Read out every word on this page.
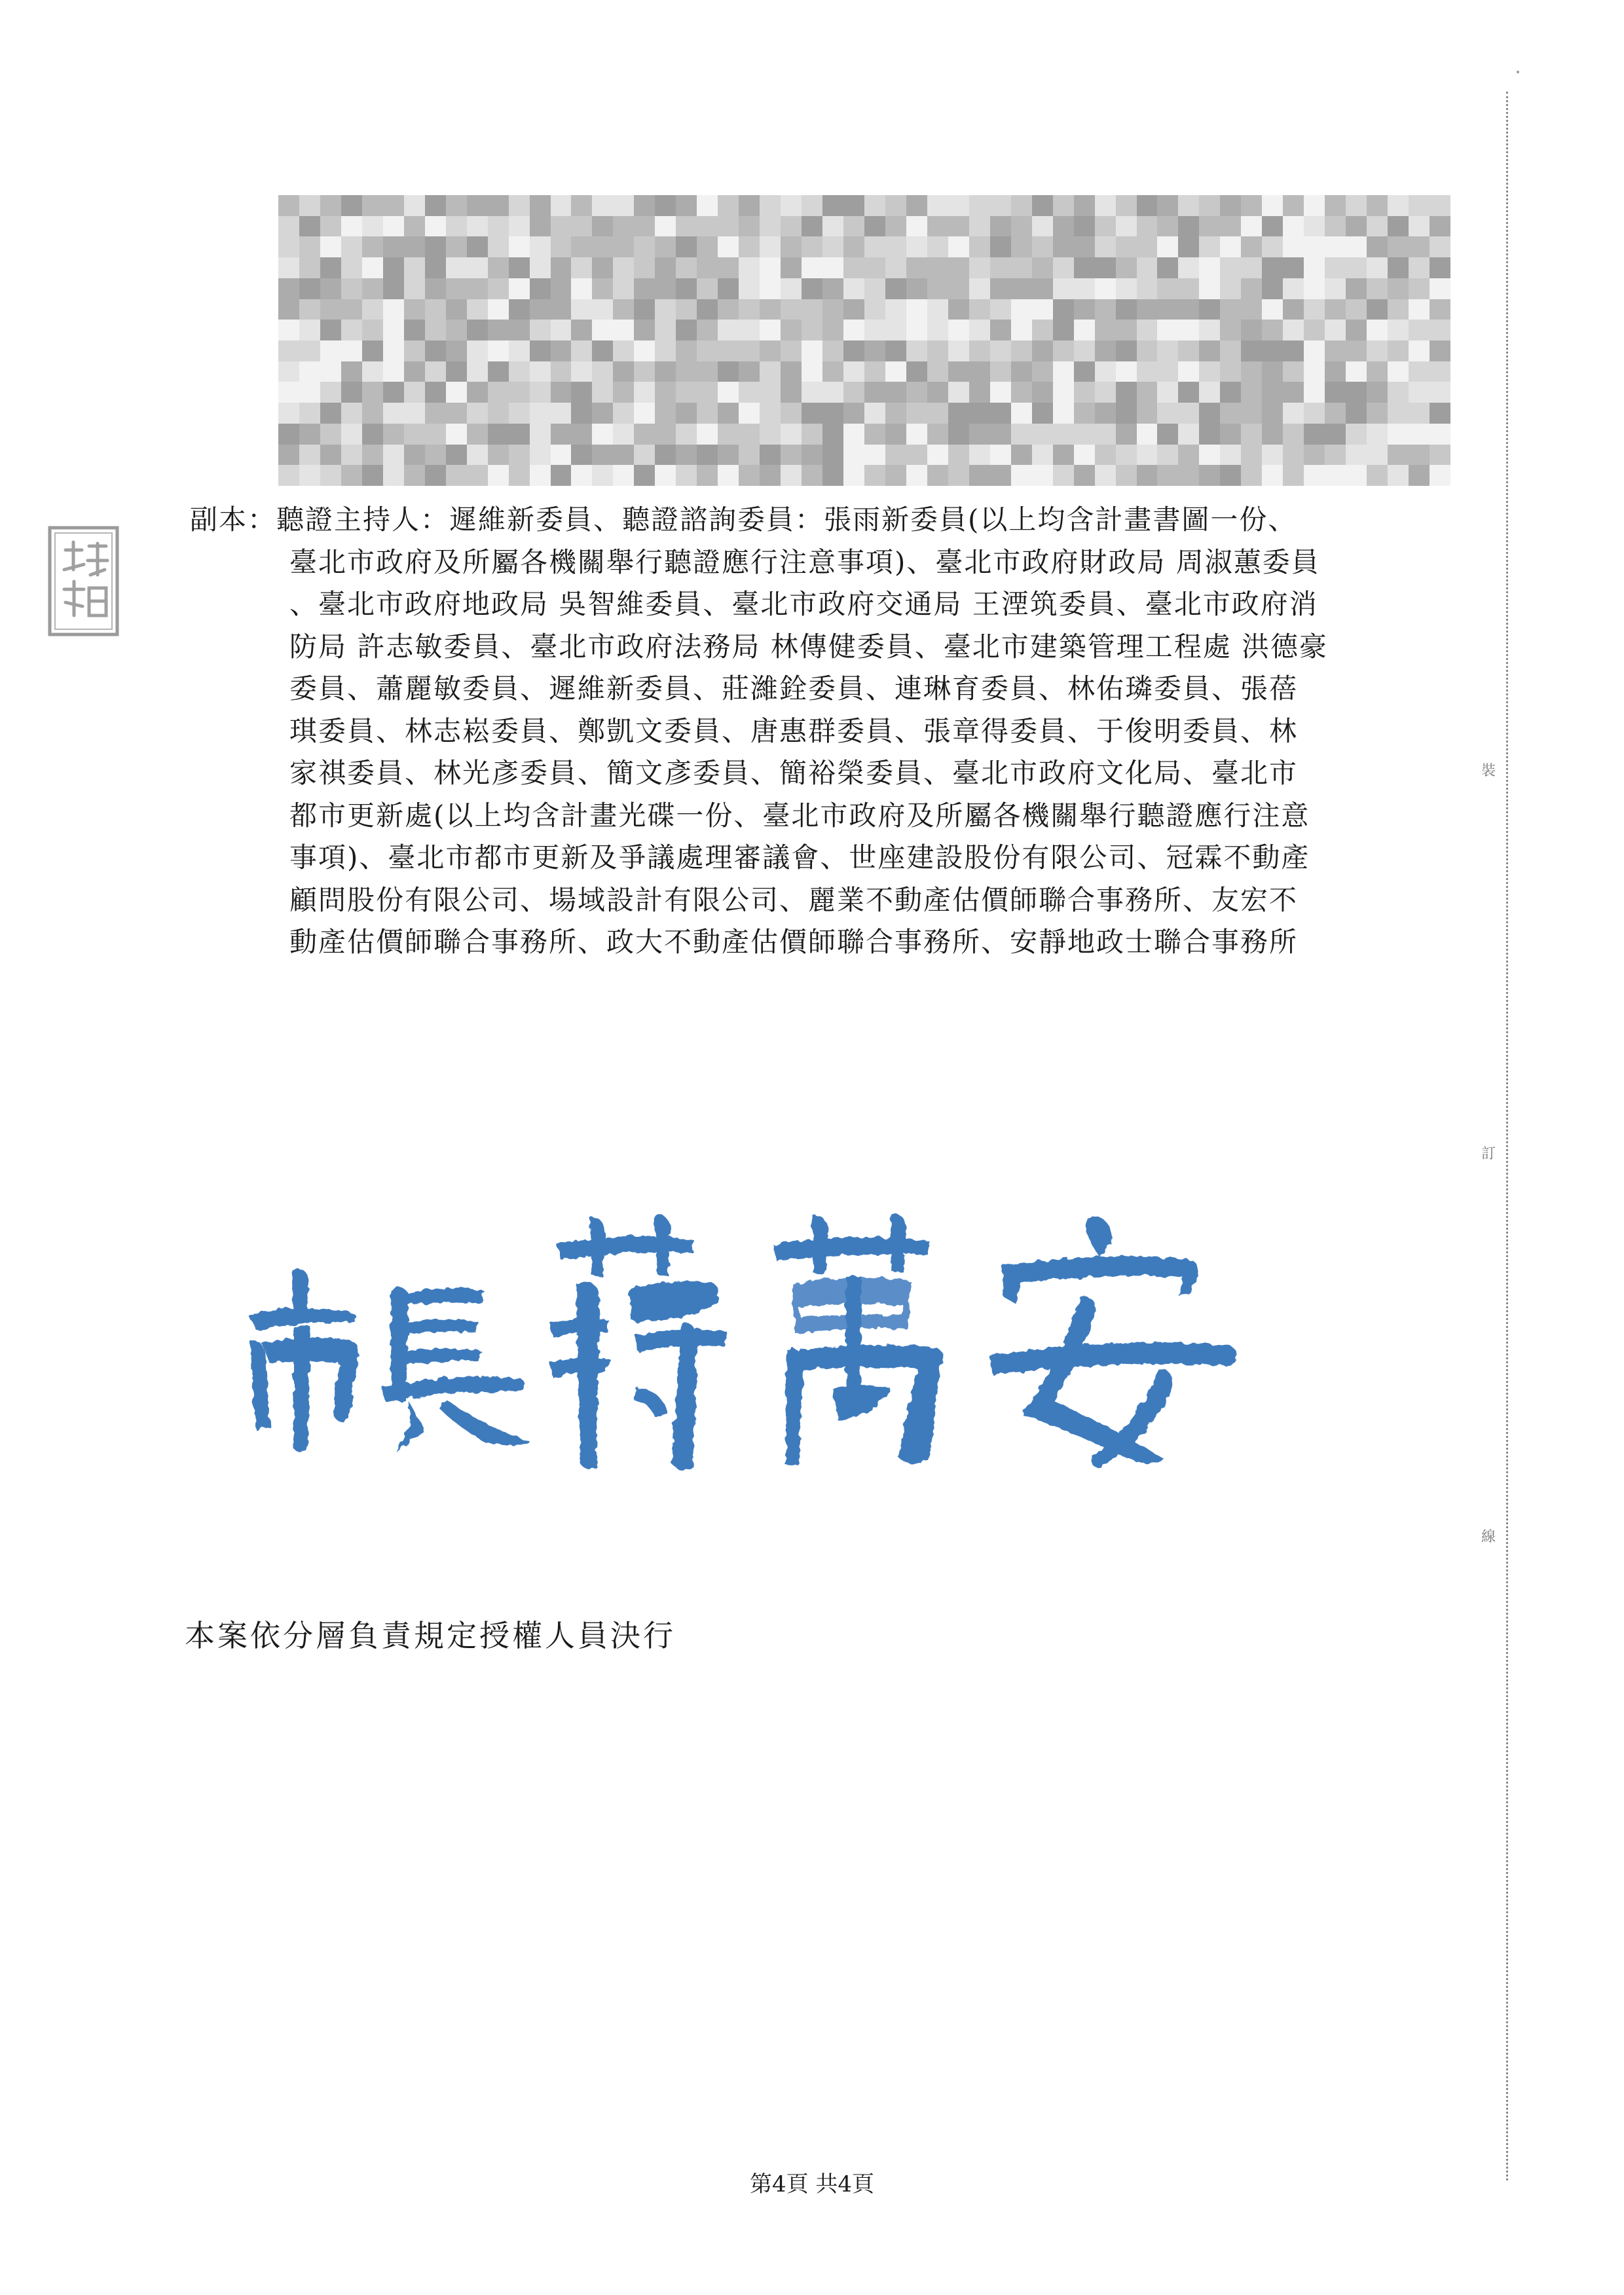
副本：聽證主持人：遲維新委員、聽證諮詢委員：張雨新委員(以上均含計畫書圖一份、
臺北市政府及所屬各機關舉行聽證應行注意事項)、臺北市政府財政局 周淑蕙委員
、臺北市政府地政局 吳智維委員、臺北市政府交通局 王湮筑委員、臺北市政府消
防局 許志敏委員、臺北市政府法務局 林傳健委員、臺北市建築管理工程處 洪德豪
委員、蕭麗敏委員、遲維新委員、莊濰銓委員、連琳育委員、林佑璘委員、張蓓
琪委員、林志崧委員、鄭凱文委員、唐惠群委員、張章得委員、于俊明委員、林
家祺委員、林光彥委員、簡文彥委員、簡裕榮委員、臺北市政府文化局、臺北市
都市更新處(以上均含計畫光碟一份、臺北市政府及所屬各機關舉行聽證應行注意
事項)、臺北市都市更新及爭議處理審議會、世座建設股份有限公司、冠霖不動產
顧問股份有限公司、場域設計有限公司、麗業不動產估價師聯合事務所、友宏不
動產估價師聯合事務所、政大不動產估價師聯合事務所、安靜地政士聯合事務所
本案依分層負責規定授權人員決行
第4頁 共4頁
裝
訂
線
